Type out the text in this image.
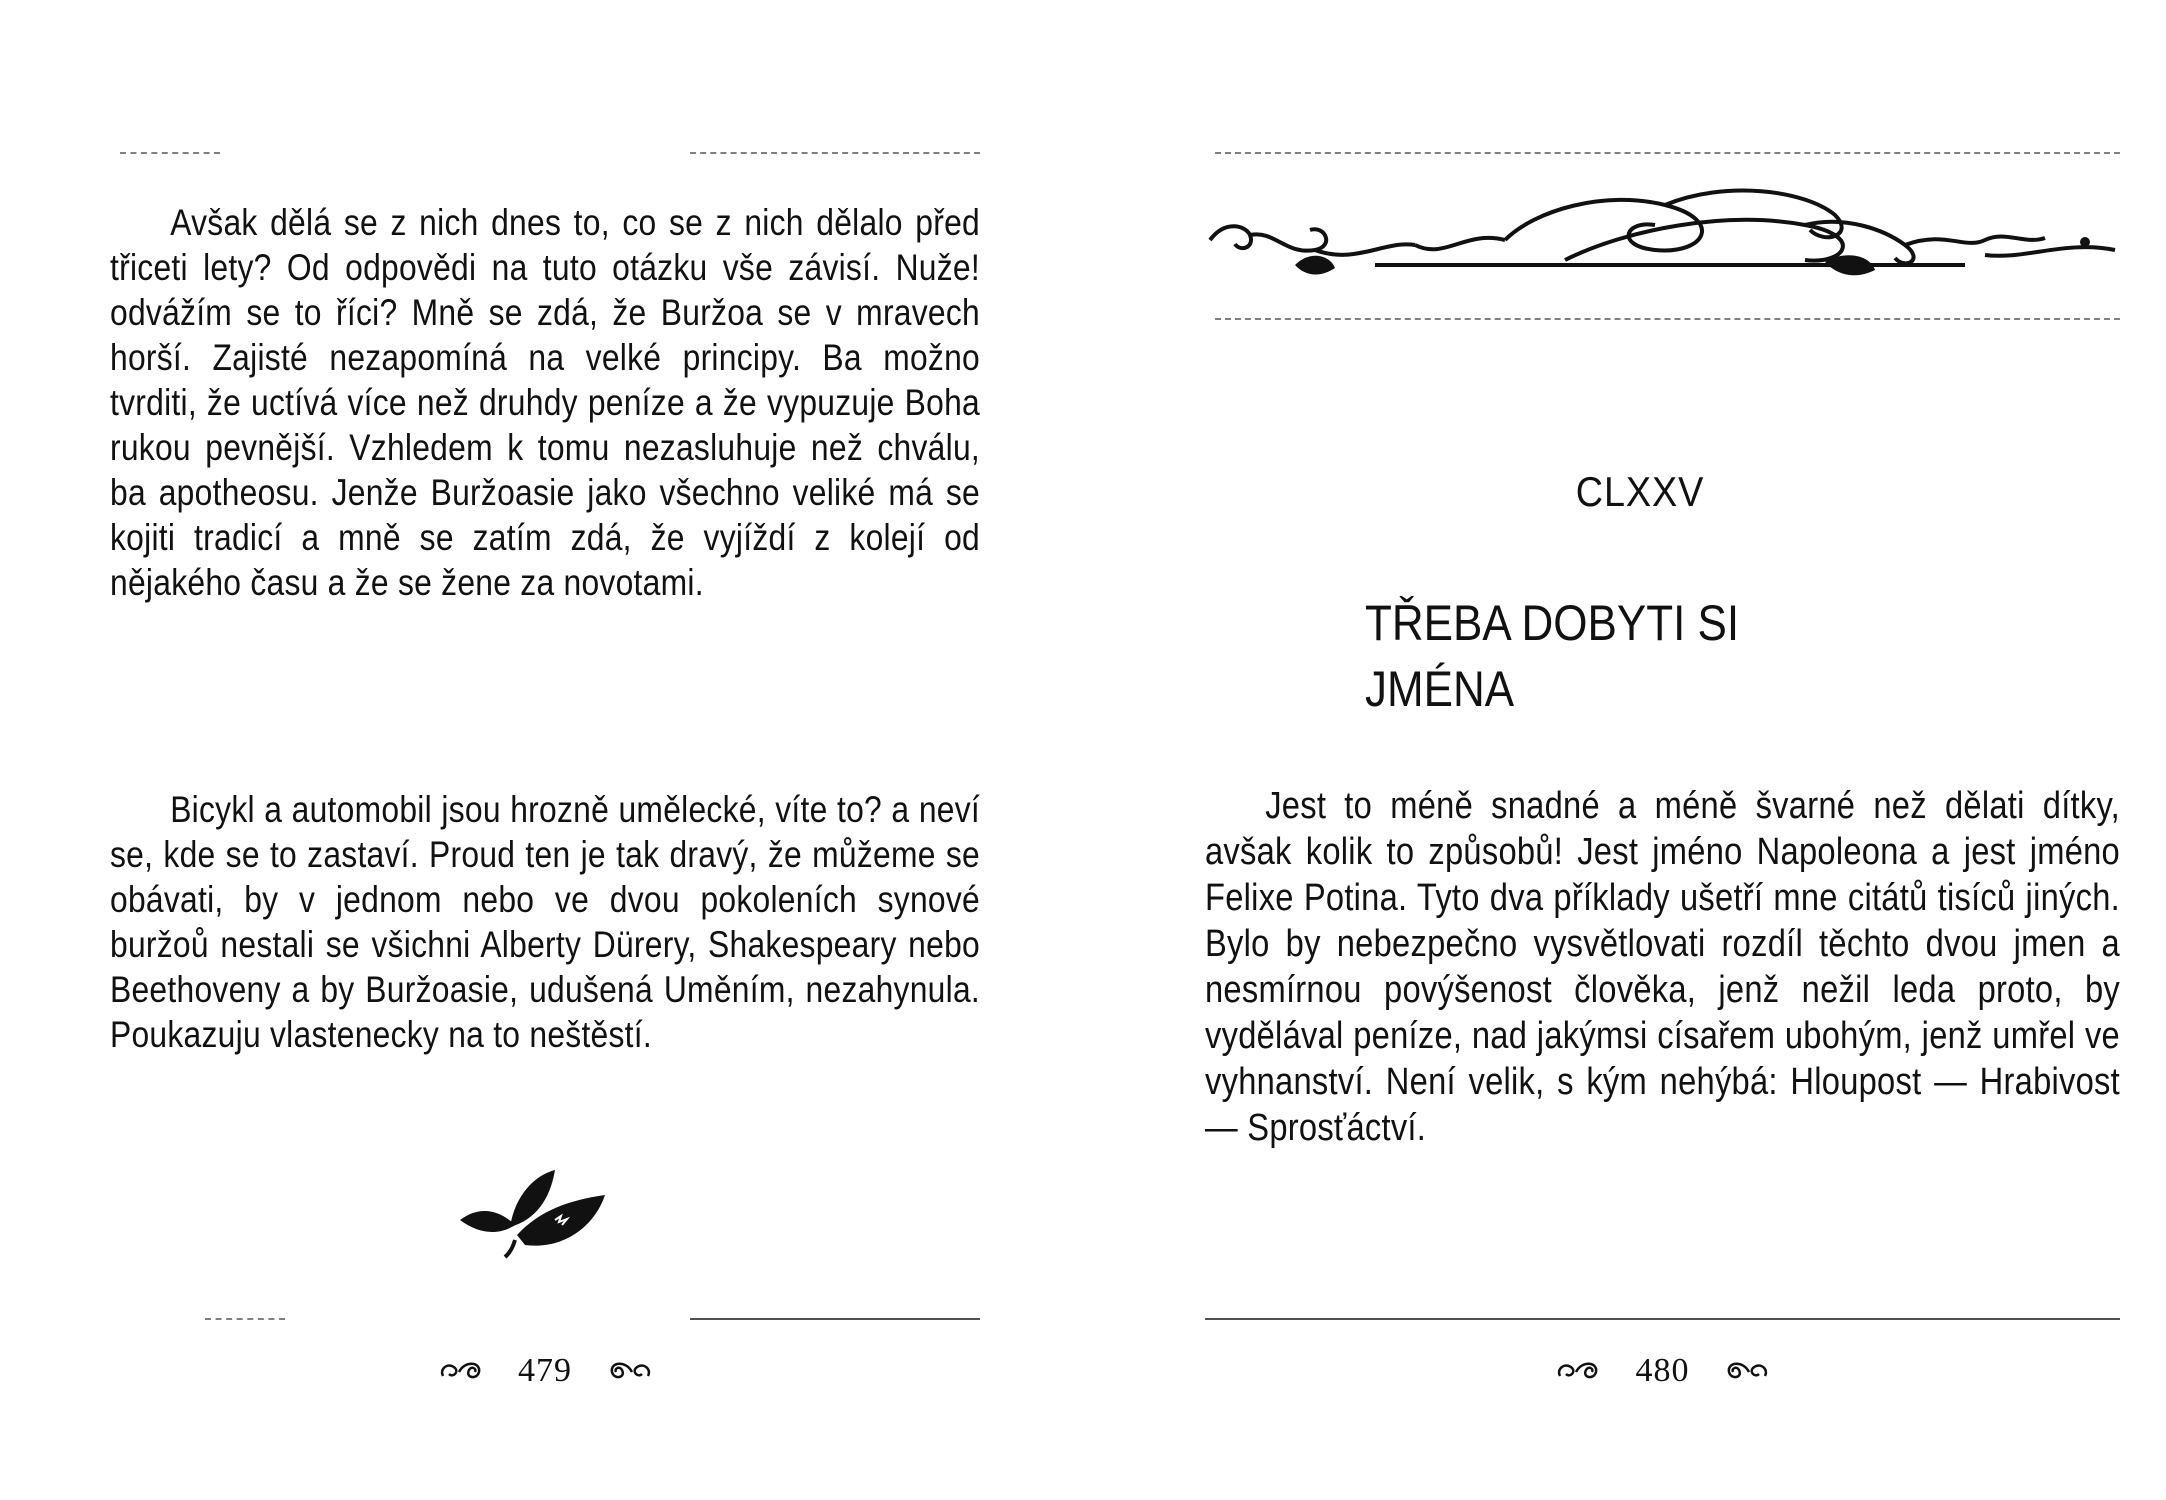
Avšak dělá se z nich dnes to, co se z nich dělalo před třiceti lety? Od odpovědi na tuto otázku vše závisí. Nuže! odvážím se to říci? Mně se zdá, že Buržoa se v mravech horší. Zajisté nezapomíná na velké principy. Ba možno tvrditi, že uctívá více než druhdy peníze a že vypuzuje Boha rukou pevnější. Vzhledem k tomu nezasluhuje než chválu, ba apotheosu. Jenže Buržoasie jako všechno veliké má se kojiti tradicí a mně se zatím zdá, že vyjíždí z kolejí od nějakého času a že se žene za novotami.

Bicykl a automobil jsou hrozně umělecké, víte to? a neví se, kde se to zastaví. Proud ten je tak dravý, že můžeme se obávati, by v jednom nebo ve dvou pokoleních synové buržoů nestali se všichni Alberty Dürery, Shakespeary nebo Beethoveny a by Buržoasie, udušená Uměním, nezahynula. Poukazuju vlastenecky na to neštěstí.

479
CLXXV
TŘEBA DOBYTI SI
JMÉNA

Jest to méně snadné a méně švarné než dělati dítky, avšak kolik to způsobů! Jest jméno Napoleona a jest jméno Felixe Potina. Tyto dva příklady ušetří mne citátů tisíců jiných. Bylo by nebezpečno vysvětlovati rozdíl těchto dvou jmen a nesmírnou povýšenost člověka, jenž nežil leda proto, by vydělával peníze, nad jakýmsi císařem ubohým, jenž umřel ve vyhnanství. Není velik, s kým nehýbá: Hloupost — Hrabivost — Sprosťáctví.

480
